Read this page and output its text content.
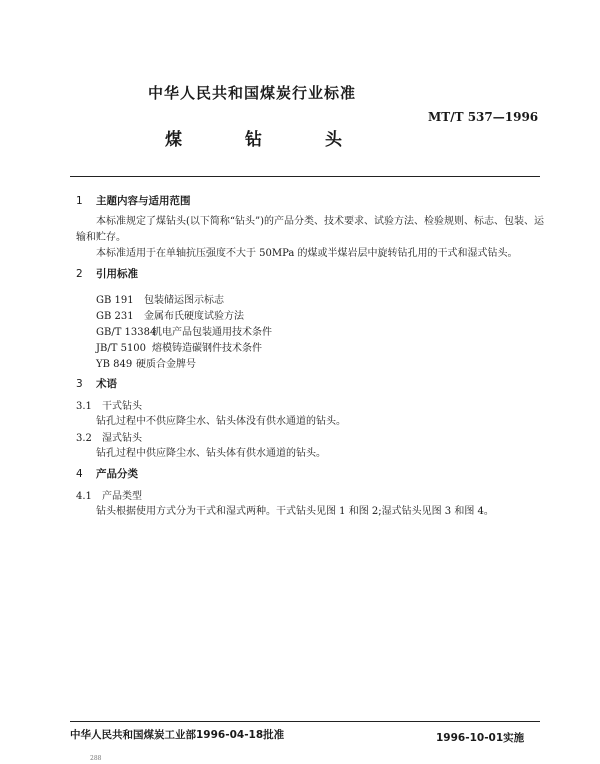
中华人民共和国煤炭行业标准
MT/T 537—1996
煤	钻	头
1 主题内容与适用范围
本标准规定了煤钻头(以下简称“钻头”)的产品分类、技术要求、试验方法、检验规则、标志、包装、运
输和贮存。
本标准适用于在单轴抗压强度不大于 50MPa 的煤或半煤岩层中旋转钻孔用的干式和湿式钻头。
2 引用标准
GB 191 包装储运图示标志
GB 231 金属布氏硬度试验方法
GB/T 13384机电产品包装通用技术条件
JB/T 5100 熔模铸造碳钢件技术条件
YB 849 硬质合金牌号
3 术语
3.1 干式钻头
钻孔过程中不供应降尘水、钻头体没有供水通道的钻头。
3.2 湿式钻头
钻孔过程中供应降尘水、钻头体有供水通道的钻头。
4 产品分类
4.1 产品类型
钻头根据使用方式分为干式和湿式两种。干式钻头见图 1 和图 2;湿式钻头见图 3 和图 4。
中华人民共和国煤炭工业部1996-04-18批准	1996-10-01实施
288
